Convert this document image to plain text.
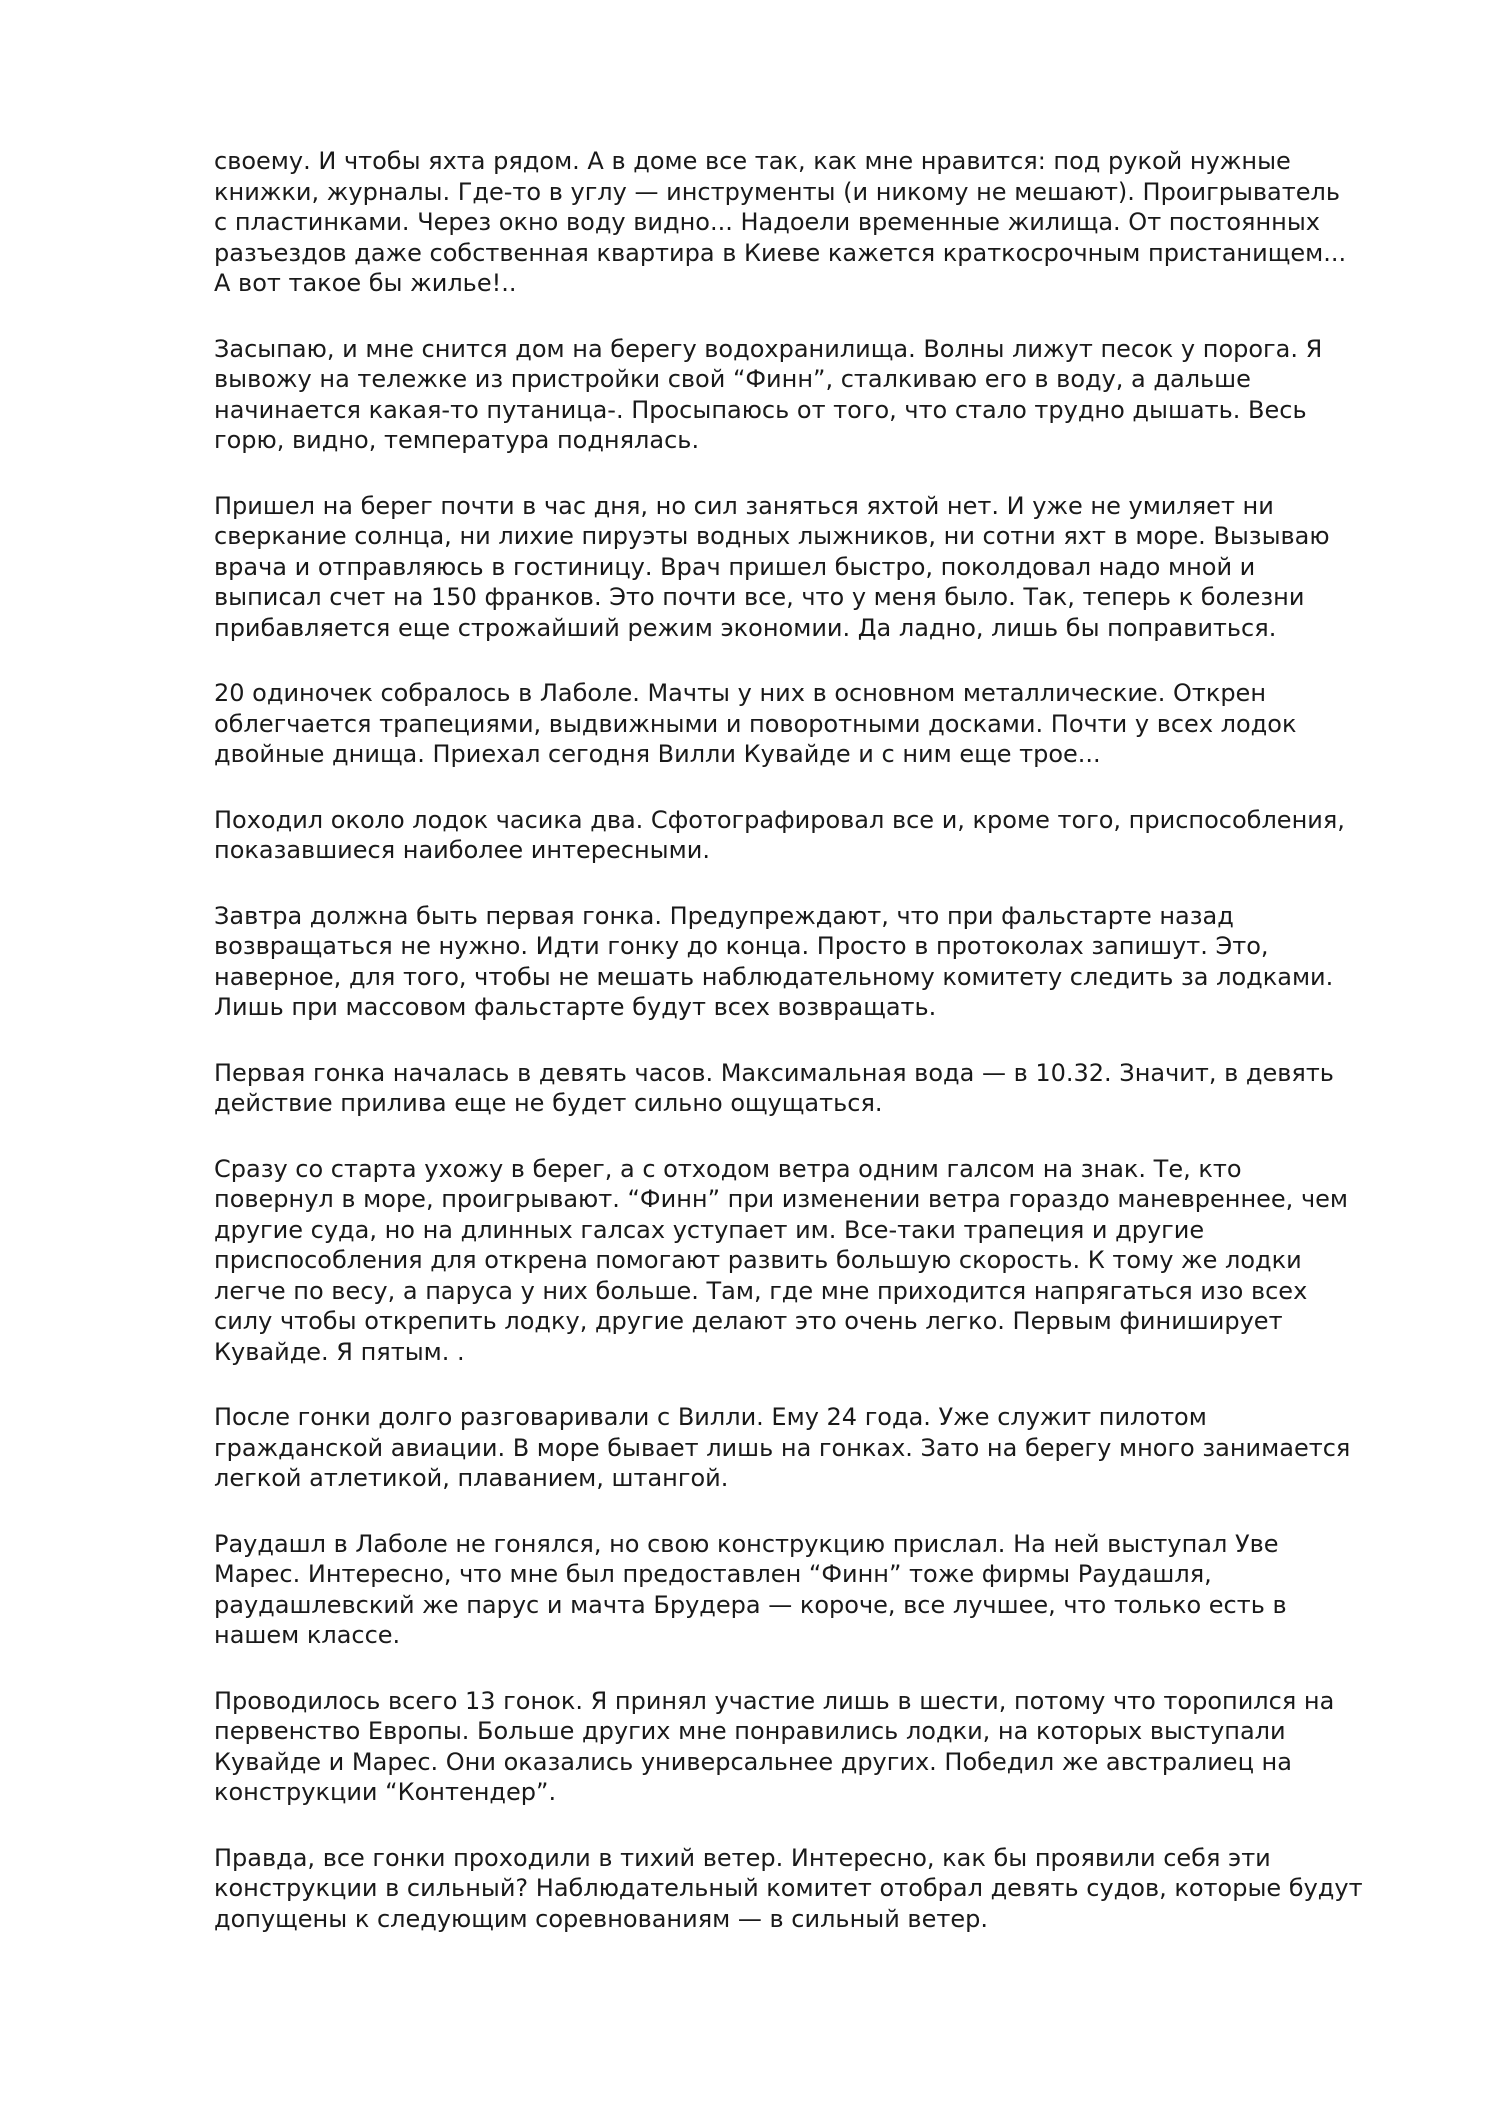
своему. И чтобы яхта рядом. А в доме все так, как мне нравится: под рукой нужные
книжки, журналы. Где-то в углу — инструменты (и никому не мешают). Проигрыватель
с пластинками. Через окно воду видно... Надоели временные жилища. От постоянных
разъездов даже собственная квартира в Киеве кажется краткосрочным пристанищем...
А вот такое бы жилье!..
Засыпаю, и мне снится дом на берегу водохранилища. Волны лижут песок у порога. Я
вывожу на тележке из пристройки свой “Финн”, сталкиваю его в воду, а дальше
начинается какая-то путаница-. Просыпаюсь от того, что стало трудно дышать. Весь
горю, видно, температура поднялась.
Пришел на берег почти в час дня, но сил заняться яхтой нет. И уже не умиляет ни
сверкание солнца, ни лихие пируэты водных лыжников, ни сотни яхт в море. Вызываю
врача и отправляюсь в гостиницу. Врач пришел быстро, поколдовал надо мной и
выписал счет на 150 франков. Это почти все, что у меня было. Так, теперь к болезни
прибавляется еще строжайший режим экономии. Да ладно, лишь бы поправиться.
20 одиночек собралось в Лаболе. Мачты у них в основном металлические. Открен
облегчается трапециями, выдвижными и поворотными досками. Почти у всех лодок
двойные днища. Приехал сегодня Вилли Кувайде и с ним еще трое...
Походил около лодок часика два. Сфотографировал все и, кроме того, приспособления,
показавшиеся наиболее интересными.
Завтра должна быть первая гонка. Предупреждают, что при фальстарте назад
возвращаться не нужно. Идти гонку до конца. Просто в протоколах запишут. Это,
наверное, для того, чтобы не мешать наблюдательному комитету следить за лодками.
Лишь при массовом фальстарте будут всех возвращать.
Первая гонка началась в девять часов. Максимальная вода — в 10.32. Значит, в девять
действие прилива еще не будет сильно ощущаться.
Сразу со старта ухожу в берег, а с отходом ветра одним галсом на знак. Те, кто
повернул в море, проигрывают. “Финн” при изменении ветра гораздо маневреннее, чем
другие суда, но на длинных галсах уступает им. Все-таки трапеция и другие
приспособления для открена помогают развить большую скорость. К тому же лодки
легче по весу, а паруса у них больше. Там, где мне приходится напрягаться изо всех
силу чтобы открепить лодку, другие делают это очень легко. Первым финиширует
Кувайде. Я пятым. .
После гонки долго разговаривали с Вилли. Ему 24 года. Уже служит пилотом
гражданской авиации. В море бывает лишь на гонках. Зато на берегу много занимается
легкой атлетикой, плаванием, штангой.
Раудашл в Лаболе не гонялся, но свою конструкцию прислал. На ней выступал Уве
Марес. Интересно, что мне был предоставлен “Финн” тоже фирмы Раудашля,
раудашлевский же парус и мачта Брудера — короче, все лучшее, что только есть в
нашем классе.
Проводилось всего 13 гонок. Я принял участие лишь в шести, потому что торопился на
первенство Европы. Больше других мне понравились лодки, на которых выступали
Кувайде и Марес. Они оказались универсальнее других. Победил же австралиец на
конструкции “Контендер”.
Правда, все гонки проходили в тихий ветер. Интересно, как бы проявили себя эти
конструкции в сильный? Наблюдательный комитет отобрал девять судов, которые будут
допущены к следующим соревнованиям — в сильный ветер.
